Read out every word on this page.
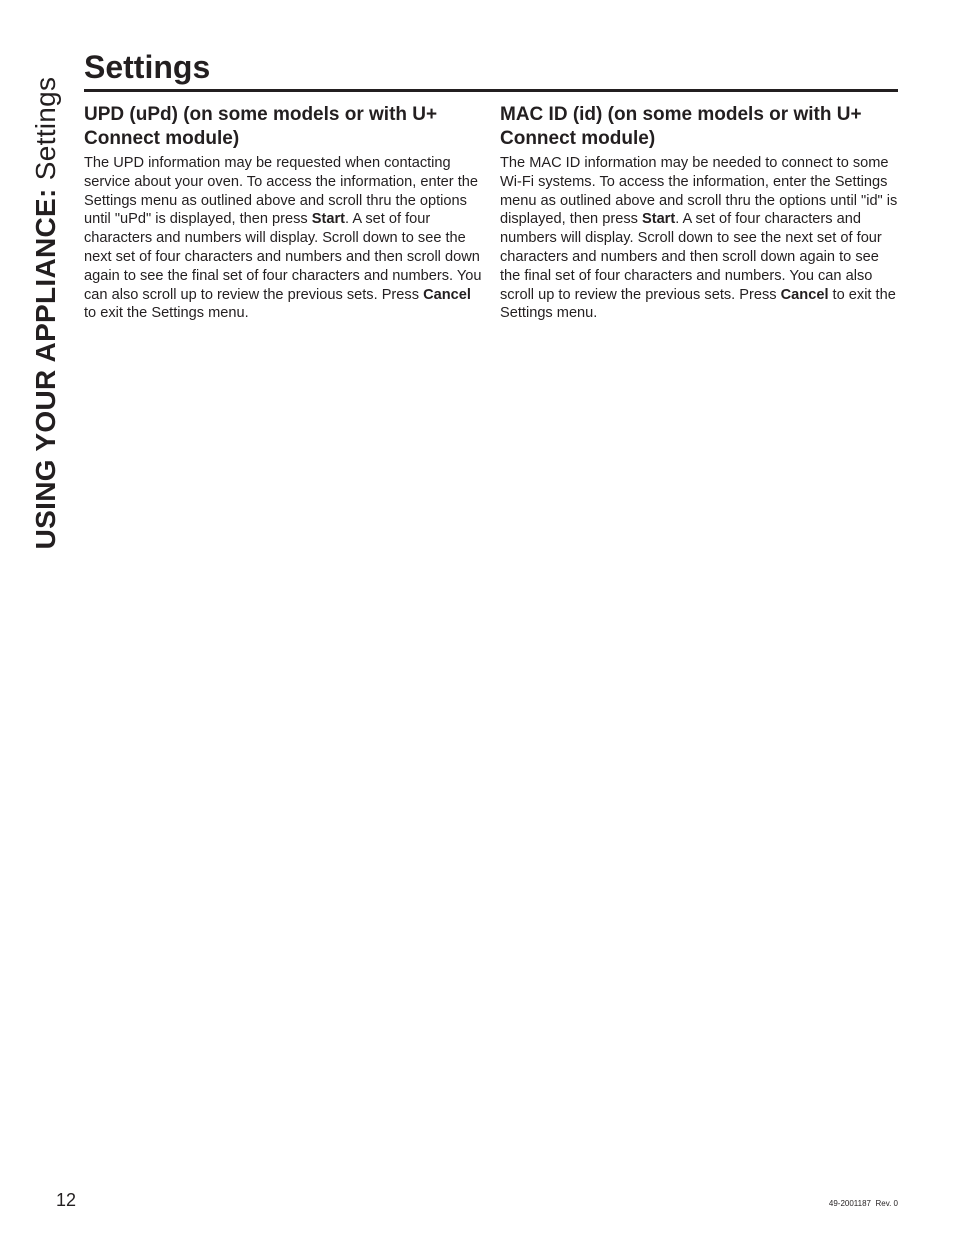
USING YOUR APPLIANCE: Settings
Settings
UPD (uPd) (on some models or with U+ Connect module)

The UPD information may be requested when contacting service about your oven. To access the information, enter the Settings menu as outlined above and scroll thru the options until "uPd" is displayed, then press Start. A set of four characters and numbers will display. Scroll down to see the next set of four characters and numbers and then scroll down again to see the final set of four characters and numbers. You can also scroll up to review the previous sets. Press Cancel to exit the Settings menu.

MAC ID (id) (on some models or with U+ Connect module)

The MAC ID information may be needed to connect to some Wi-Fi systems. To access the information, enter the Settings menu as outlined above and scroll thru the options until "id" is displayed, then press Start. A set of four characters and numbers will display. Scroll down to see the next set of four characters and numbers and then scroll down again to see the final set of four characters and numbers. You can also scroll up to review the previous sets. Press Cancel to exit the Settings menu.

12	49-2001187 Rev. 0
